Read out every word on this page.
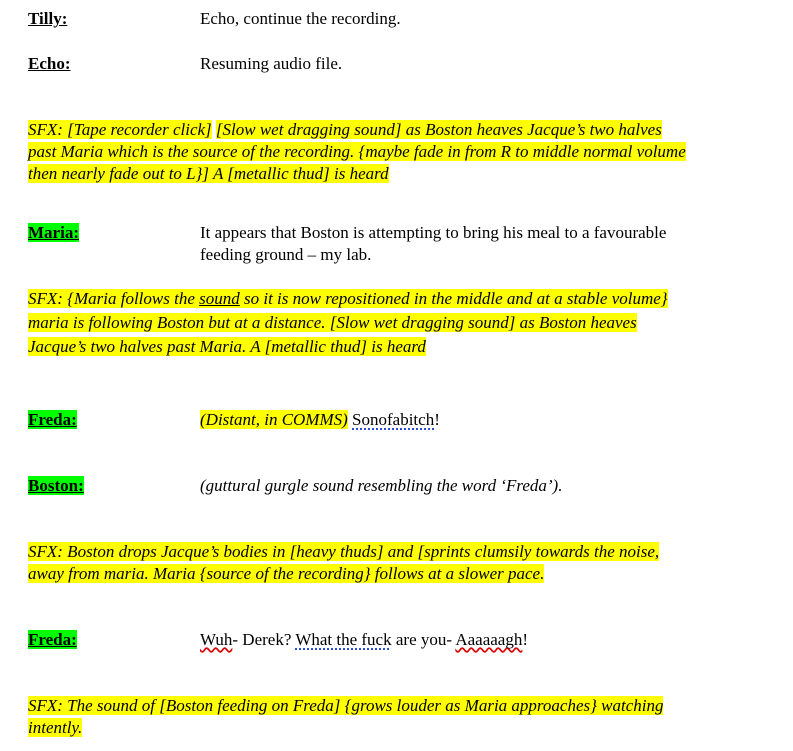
Tilly:	Echo, continue the recording.
Echo:	Resuming audio file.
SFX: [Tape recorder click] [Slow wet dragging sound] as Boston heaves Jacque’s two halves
past Maria which is the source of the recording. {maybe fade in from R to middle normal volume
then nearly fade out to L}] A [metallic thud] is heard
Maria:	It appears that Boston is attempting to bring his meal to a favourable
feeding ground – my lab.
SFX: {Maria follows the sound so it is now repositioned in the middle and at a stable volume}
maria is following Boston but at a distance. [Slow wet dragging sound] as Boston heaves
Jacque’s two halves past Maria. A [metallic thud] is heard
Freda:	(Distant, in COMMS) Sonofabitch!
Boston:	(guttural gurgle sound resembling the word ‘Freda’).
SFX: Boston drops Jacque’s bodies in [heavy thuds] and [sprints clumsily towards the noise,
away from maria. Maria {source of the recording} follows at a slower pace.
Freda:	Wuh- Derek? What the fuck are you- Aaaaaagh!
SFX: The sound of [Boston feeding on Freda] {grows louder as Maria approaches} watching
intently.
